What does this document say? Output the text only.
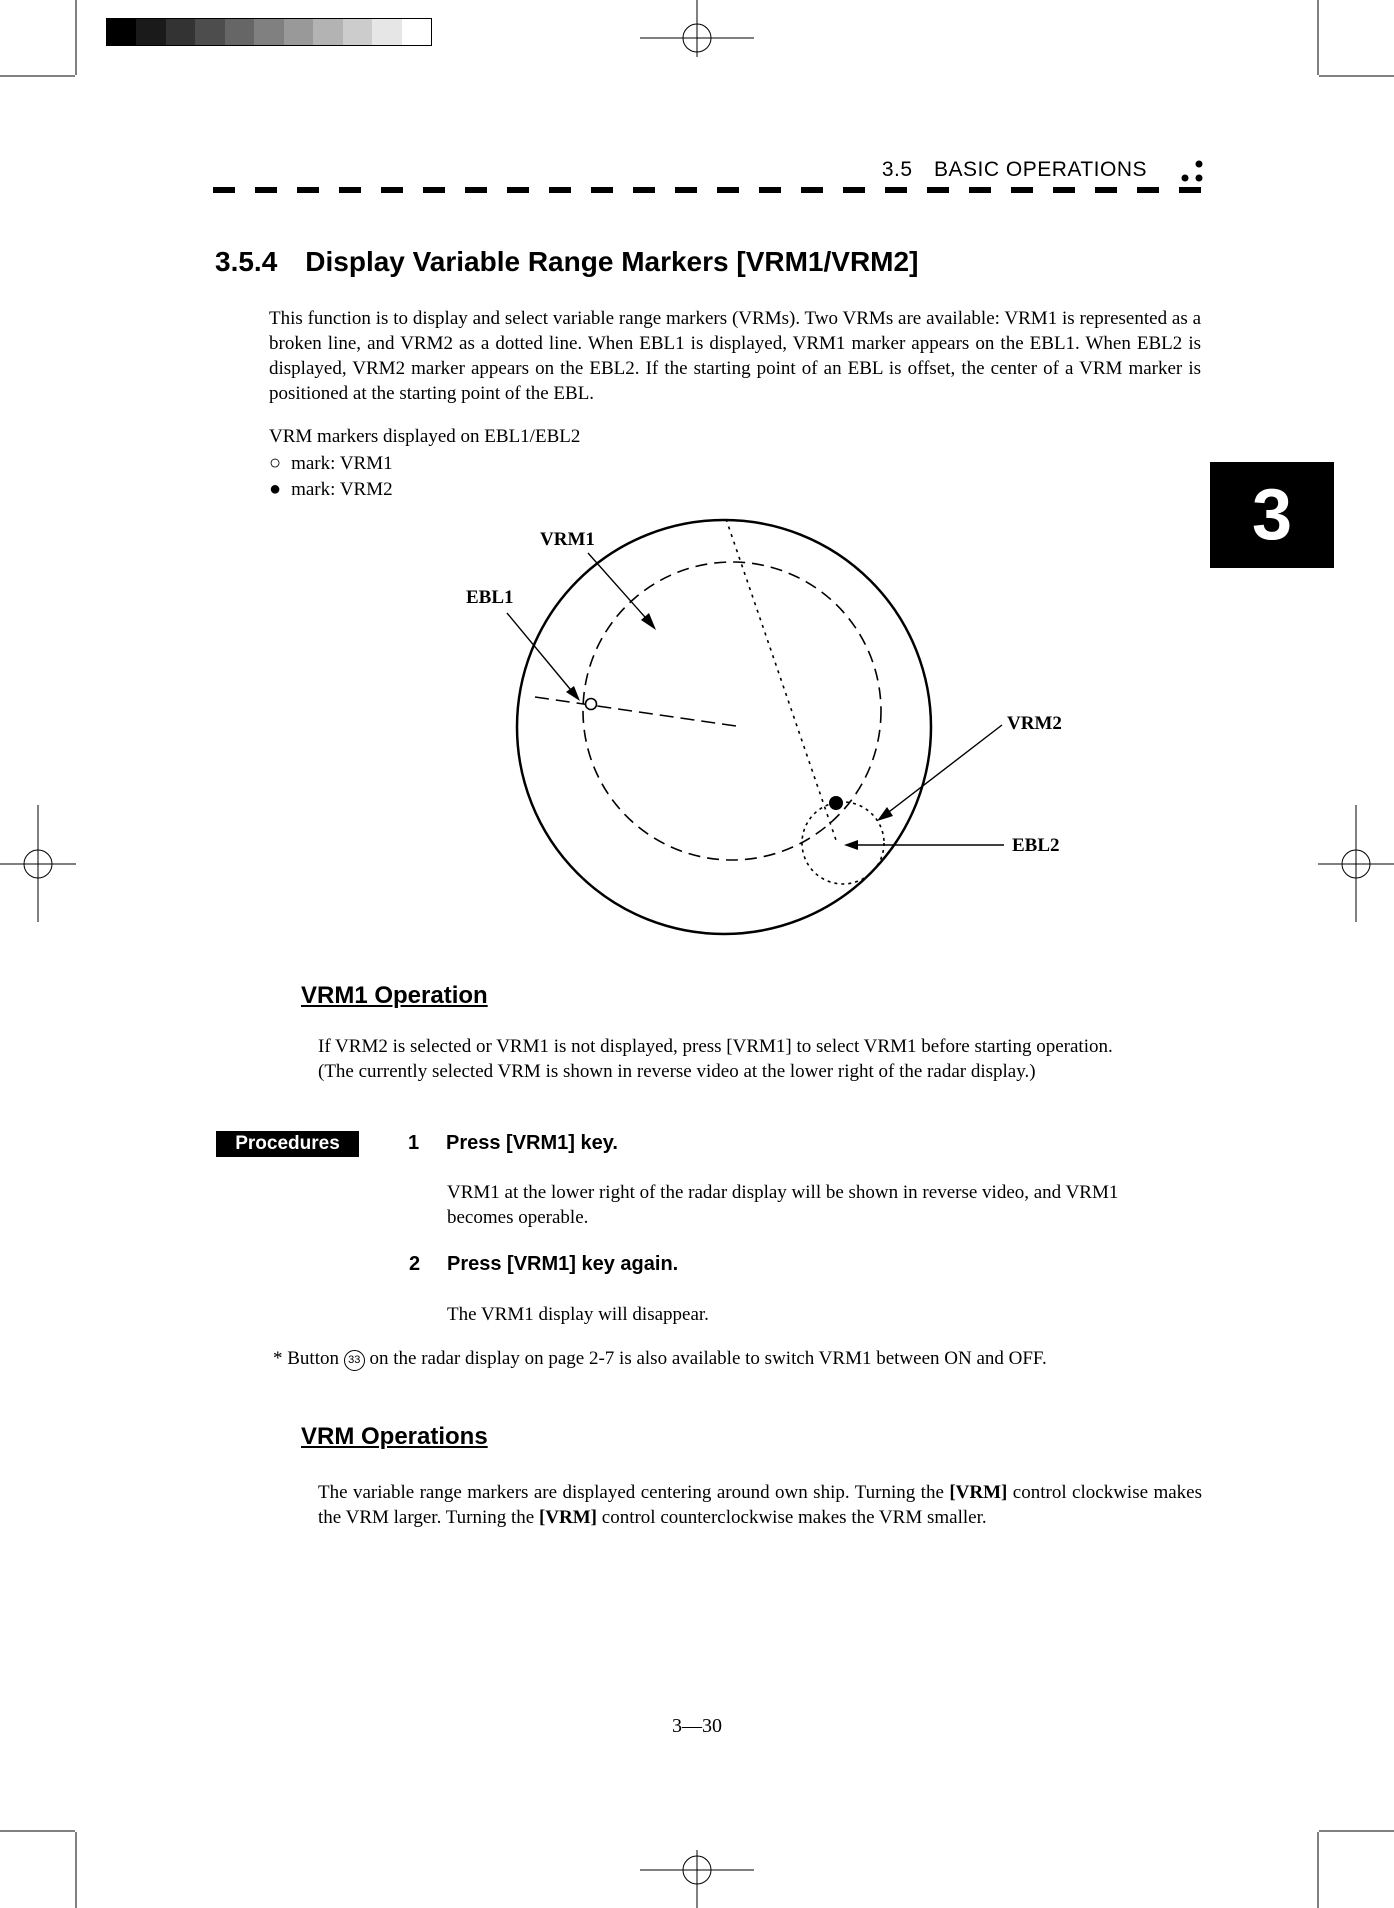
3.5 BASIC OPERATIONS
3
3.5.4 Display Variable Range Markers [VRM1/VRM2]
This function is to display and select variable range markers (VRMs). Two VRMs are available: VRM1 is represented as a broken line, and VRM2 as a dotted line. When EBL1 is displayed, VRM1 marker appears on the EBL1. When EBL2 is displayed, VRM2 marker appears on the EBL2. If the starting point of an EBL is offset, the center of a VRM marker is positioned at the starting point of the EBL.
VRM markers displayed on EBL1/EBL2
○ mark: VRM1
● mark: VRM2
VRM1
EBL1
VRM2
EBL2
VRM1 Operation
If VRM2 is selected or VRM1 is not displayed, press [VRM1] to select VRM1 before starting operation.
(The currently selected VRM is shown in reverse video at the lower right of the radar display.)
Procedures	1 Press [VRM1] key.
VRM1 at the lower right of the radar display will be shown in reverse video, and VRM1 becomes operable.
2 Press [VRM1] key again.
The VRM1 display will disappear.
* Button 33 on the radar display on page 2-7 is also available to switch VRM1 between ON and OFF.
VRM Operations
The variable range markers are displayed centering around own ship. Turning the [VRM] control clockwise makes the VRM larger. Turning the [VRM] control counterclockwise makes the VRM smaller.
3—30
